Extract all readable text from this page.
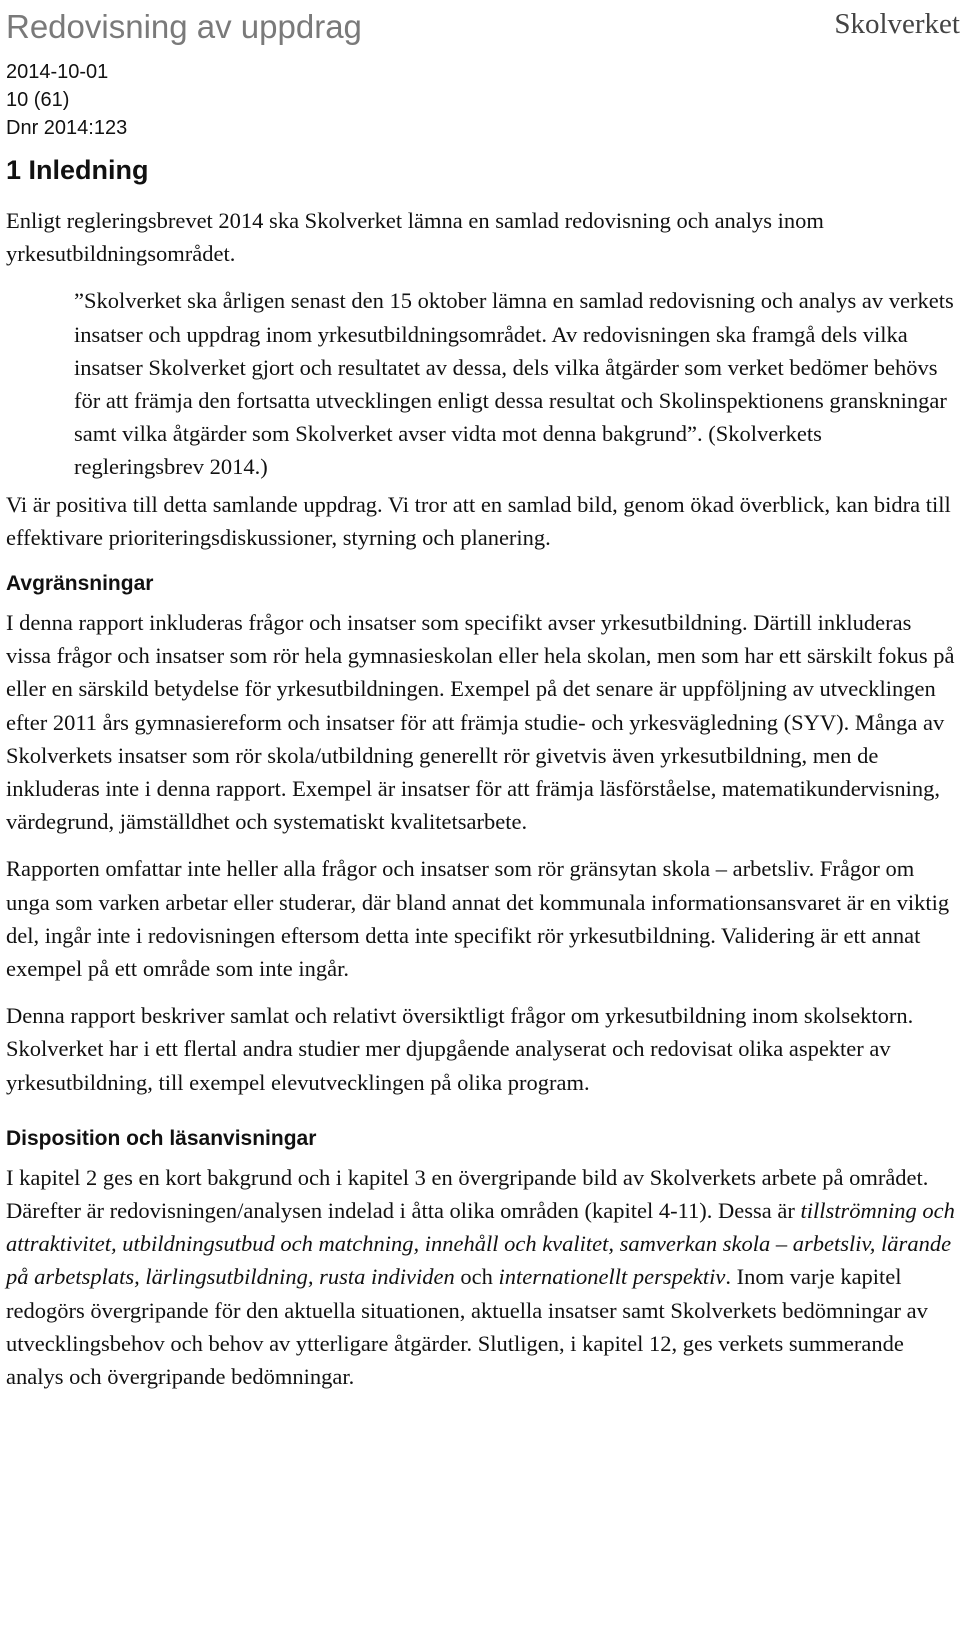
Redovisning av uppdrag	Skolverket
2014-10-01
10 (61)
Dnr 2014:123
1 Inledning
Enligt regleringsbrevet 2014 ska Skolverket lämna en samlad redovisning och analys inom yrkesutbildningsområdet.
”Skolverket ska årligen senast den 15 oktober lämna en samlad redovisning och analys av verkets insatser och uppdrag inom yrkesutbildningsområdet. Av redovisningen ska framgå dels vilka insatser Skolverket gjort och resultatet av dessa, dels vilka åtgärder som verket bedömer behövs för att främja den fortsatta utvecklingen enligt dessa resultat och Skolinspektionens granskningar samt vilka åtgärder som Skolverket avser vidta mot denna bakgrund”. (Skolverkets regleringsbrev 2014.)
Vi är positiva till detta samlande uppdrag. Vi tror att en samlad bild, genom ökad överblick, kan bidra till effektivare prioriteringsdiskussioner, styrning och planering.
Avgränsningar
I denna rapport inkluderas frågor och insatser som specifikt avser yrkesutbildning. Därtill inkluderas vissa frågor och insatser som rör hela gymnasieskolan eller hela skolan, men som har ett särskilt fokus på eller en särskild betydelse för yrkesutbildningen. Exempel på det senare är uppföljning av utvecklingen efter 2011 års gymnasiereform och insatser för att främja studie- och yrkesvägledning (SYV). Många av Skolverkets insatser som rör skola/utbildning generellt rör givetvis även yrkesutbildning, men de inkluderas inte i denna rapport. Exempel är insatser för att främja läsförståelse, matematikundervisning, värdegrund, jämställdhet och systematiskt kvalitetsarbete.
Rapporten omfattar inte heller alla frågor och insatser som rör gränsytan skola – arbetsliv. Frågor om unga som varken arbetar eller studerar, där bland annat det kommunala informationsansvaret är en viktig del, ingår inte i redovisningen eftersom detta inte specifikt rör yrkesutbildning. Validering är ett annat exempel på ett område som inte ingår.
Denna rapport beskriver samlat och relativt översiktligt frågor om yrkesutbildning inom skolsektorn. Skolverket har i ett flertal andra studier mer djupgående analyserat och redovisat olika aspekter av yrkesutbildning, till exempel elevutvecklingen på olika program.
Disposition och läsanvisningar
I kapitel 2 ges en kort bakgrund och i kapitel 3 en övergripande bild av Skolverkets arbete på området. Därefter är redovisningen/analysen indelad i åtta olika områden (kapitel 4-11). Dessa är tillströmning och attraktivitet, utbildningsutbud och matchning, innehåll och kvalitet, samverkan skola – arbetsliv, lärande på arbetsplats, lärlingsutbildning, rusta individen och internationellt perspektiv. Inom varje kapitel redogörs övergripande för den aktuella situationen, aktuella insatser samt Skolverkets bedömningar av utvecklingsbehov och behov av ytterligare åtgärder. Slutligen, i kapitel 12, ges verkets summerande analys och övergripande bedömningar.
